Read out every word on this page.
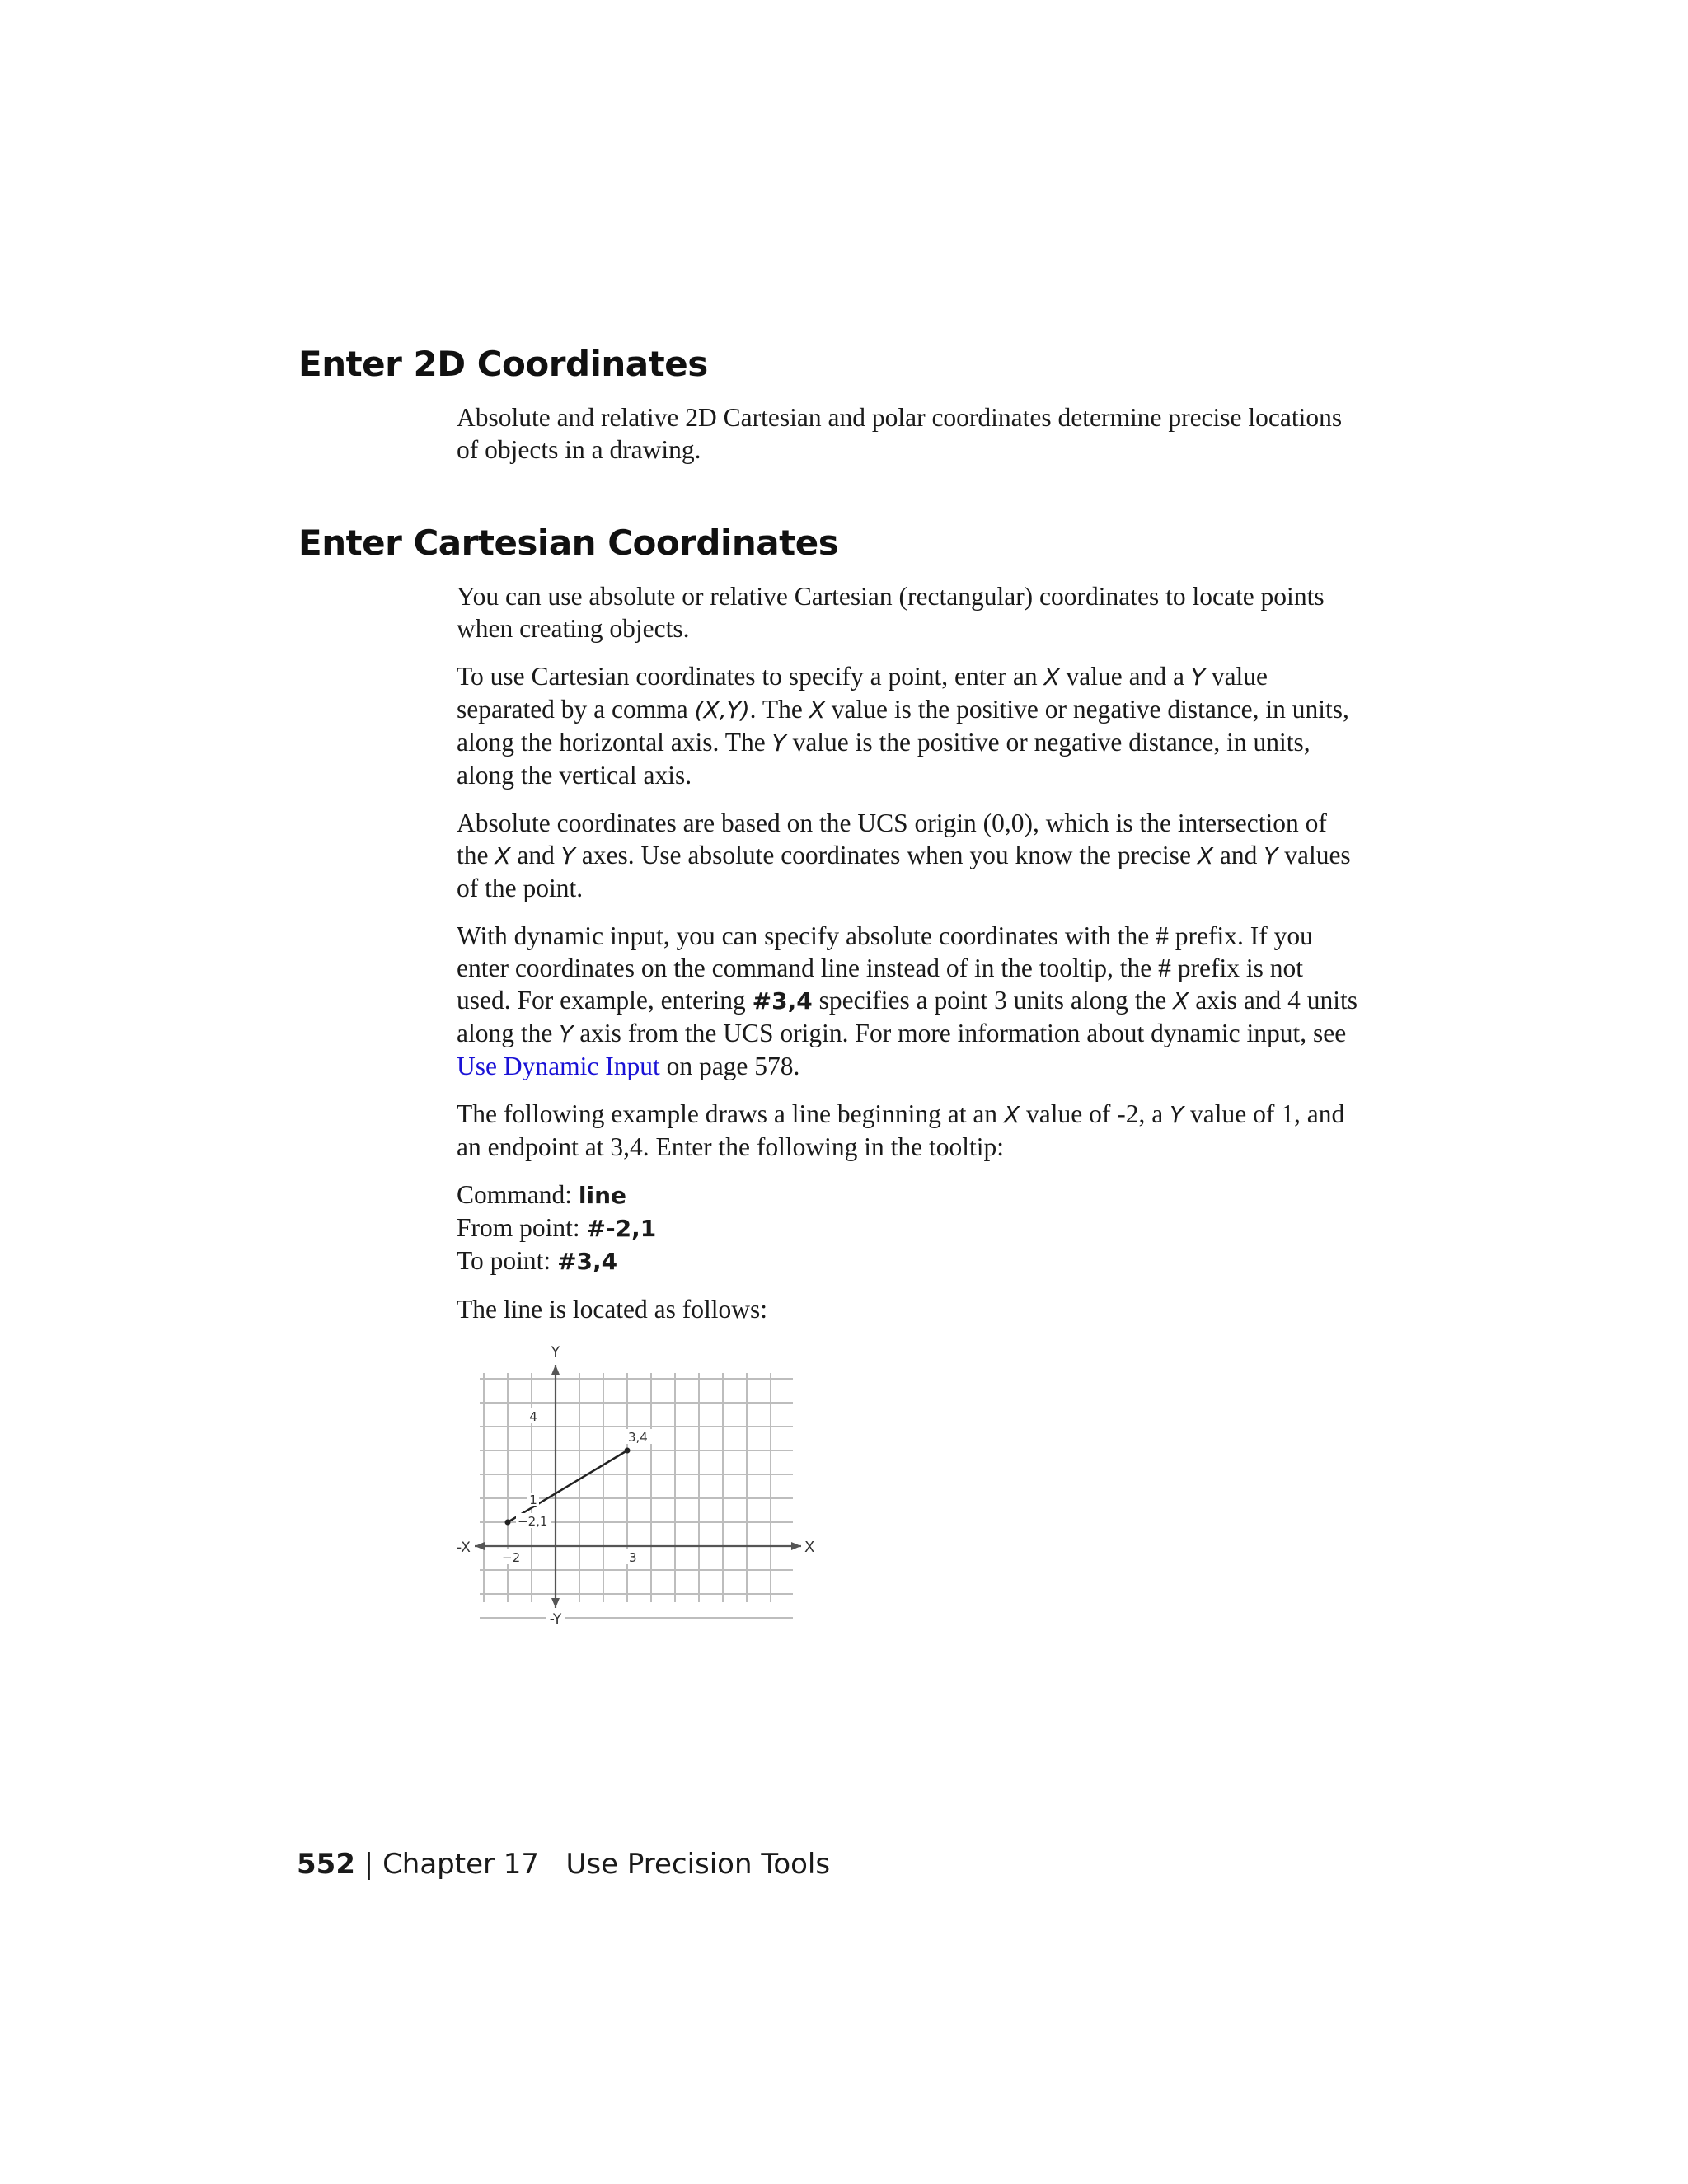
Enter 2D Coordinates

Absolute and relative 2D Cartesian and polar coordinates determine precise locations of objects in a drawing.

Enter Cartesian Coordinates

You can use absolute or relative Cartesian (rectangular) coordinates to locate points when creating objects.

To use Cartesian coordinates to specify a point, enter an X value and a Y value separated by a comma (X,Y). The X value is the positive or negative distance, in units, along the horizontal axis. The Y value is the positive or negative distance, in units, along the vertical axis.

Absolute coordinates are based on the UCS origin (0,0), which is the intersection of the X and Y axes. Use absolute coordinates when you know the precise X and Y values of the point.

With dynamic input, you can specify absolute coordinates with the # prefix. If you enter coordinates on the command line instead of in the tooltip, the # prefix is not used. For example, entering #3,4 specifies a point 3 units along the X axis and 4 units along the Y axis from the UCS origin. For more information about dynamic input, see Use Dynamic Input on page 578.

The following example draws a line beginning at an X value of -2, a Y value of 1, and an endpoint at 3,4. Enter the following in the tooltip:

Command: line

From point: #-2,1

To point: #3,4

The line is located as follows:

Y
-Y
X
-X
4
1
−2	3
−2,1
3,4
552 | Chapter 17   Use Precision Tools
